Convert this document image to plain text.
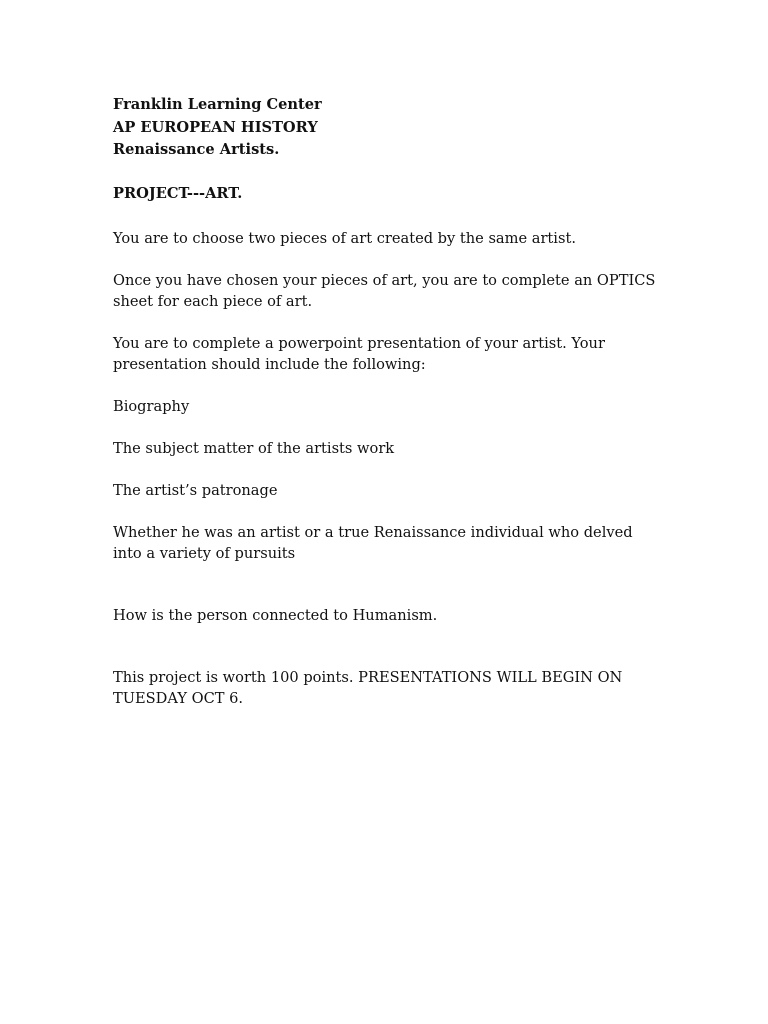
Franklin Learning Center
AP EUROPEAN HISTORY
Renaissance Artists.
PROJECT---ART.

You are to choose two pieces of art created by the same artist.

Once you have chosen your pieces of art, you are to complete an OPTICS sheet for each piece of art.

You are to complete a powerpoint presentation of your artist. Your presentation should include the following:

Biography

The subject matter of the artists work

The artist’s patronage

Whether he was an artist or a true Renaissance individual who delved into a variety of pursuits

How is the person connected to Humanism.

This project is worth 100 points. PRESENTATIONS WILL BEGIN ON TUESDAY OCT 6.
